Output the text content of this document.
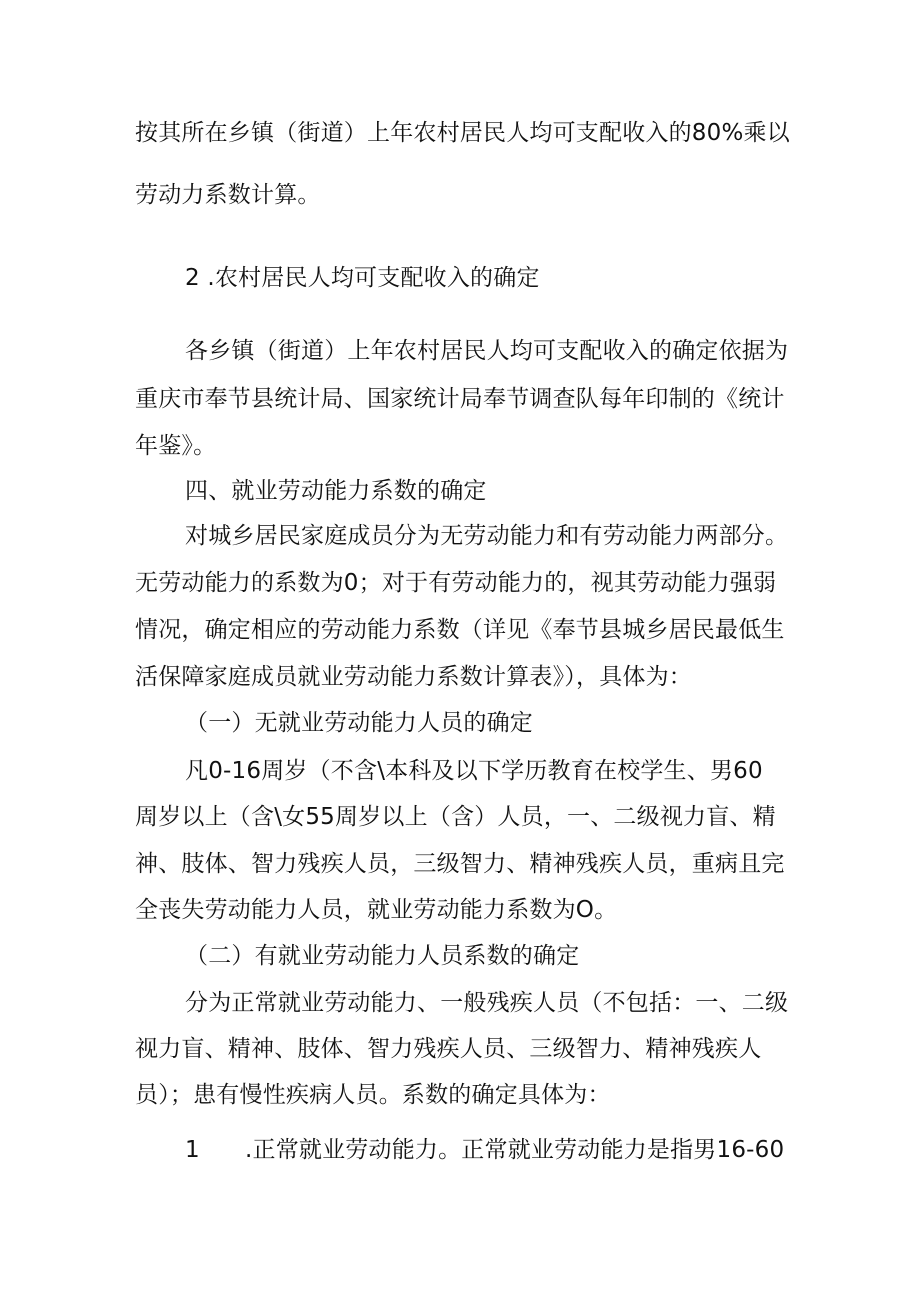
按其所在乡镇（街道）上年农村居民人均可支配收入的80%乘以

劳动力系数计算。

2 .农村居民人均可支配收入的确定

各乡镇（街道）上年农村居民人均可支配收入的确定依据为

重庆市奉节县统计局、国家统计局奉节调查队每年印制的《统计

年鉴》。

四、就业劳动能力系数的确定

对城乡居民家庭成员分为无劳动能力和有劳动能力两部分。

无劳动能力的系数为0；对于有劳动能力的，视其劳动能力强弱

情况，确定相应的劳动能力系数（详见《奉节县城乡居民最低生

活保障家庭成员就业劳动能力系数计算表》），具体为：

（一）无就业劳动能力人员的确定

凡0-16周岁（不含\本科及以下学历教育在校学生、男60

周岁以上（含\女55周岁以上（含）人员，一、二级视力盲、精

神、肢体、智力残疾人员，三级智力、精神残疾人员，重病且完

全丧失劳动能力人员，就业劳动能力系数为O。

（二）有就业劳动能力人员系数的确定

分为正常就业劳动能力、一般残疾人员（不包括：一、二级

视力盲、精神、肢体、智力残疾人员、三级智力、精神残疾人

员）；患有慢性疾病人员。系数的确定具体为：

1 .正常就业劳动能力。正常就业劳动能力是指男16-60
